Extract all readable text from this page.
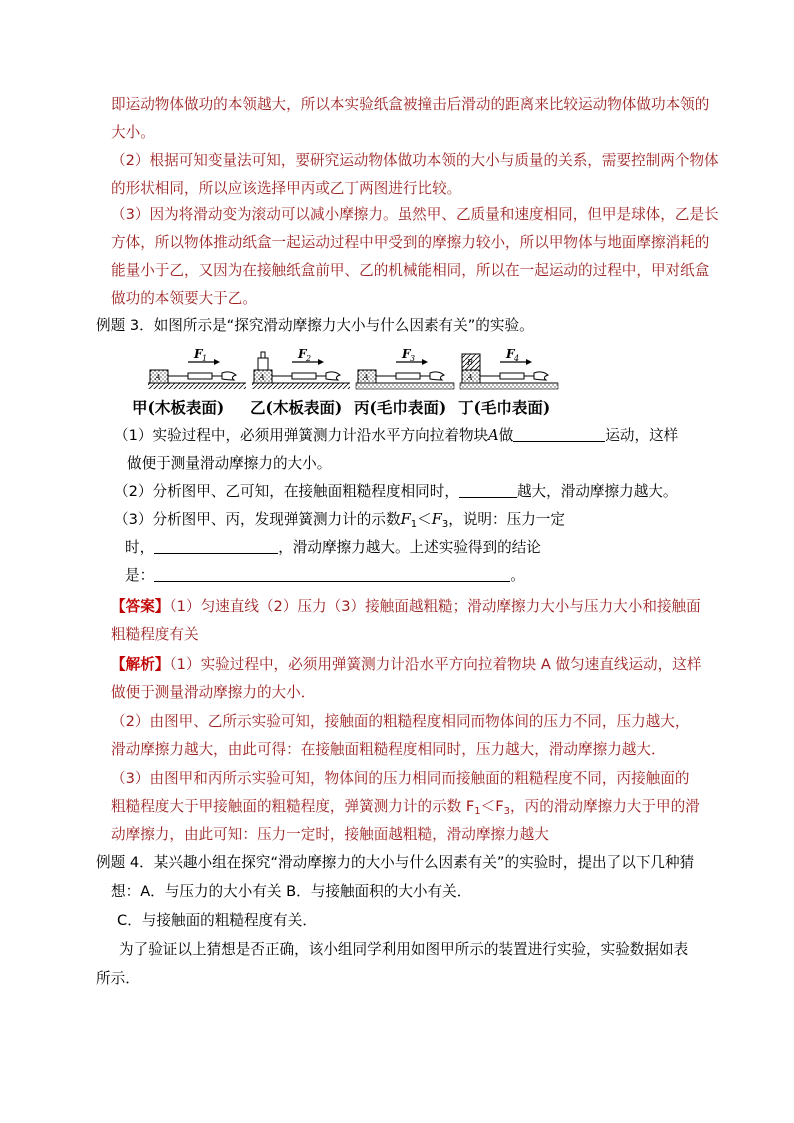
即运动物体做功的本领越大，所以本实验纸盒被撞击后滑动的距离来比较运动物体做功本领的
大小。
（2）根据可知变量法可知，要研究运动物体做功本领的大小与质量的关系，需要控制两个物体
的形状相同，所以应该选择甲丙或乙丁两图进行比较。
（3）因为将滑动变为滚动可以减小摩擦力。虽然甲、乙质量和速度相同，但甲是球体，乙是长
方体，所以物体推动纸盒一起运动过程中甲受到的摩擦力较小，所以甲物体与地面摩擦消耗的
能量小于乙，又因为在接触纸盒前甲、乙的机械能相同，所以在一起运动的过程中，甲对纸盒
做功的本领要大于乙。
例题 3．如图所示是“探究滑动摩擦力大小与什么因素有关”的实验。
A
F 1
A
F 2
A
F 3
A
B
F 4
甲(木板表面) 乙(木板表面) 丙(毛巾表面) 丁(毛巾表面)
（1）实验过程中，必须用弹簧测力计沿水平方向拉着物块A做	运动，这样
做便于测量滑动摩擦力的大小。
（2）分析图甲、乙可知，在接触面粗糙程度相同时，	越大，滑动摩擦力越大。
（3）分析图甲、丙，发现弹簧测力计的示数$F_1<F_3$，说明：压力一定
时，	，滑动摩擦力越大。上述实验得到的结论
是：	。
【答案】（1）匀速直线（2）压力（3）接触面越粗糙；滑动摩擦力大小与压力大小和接触面
粗糙程度有关
【解析】（1）实验过程中，必须用弹簧测力计沿水平方向拉着物块 A 做匀速直线运动，这样
做便于测量滑动摩擦力的大小．
（2）由图甲、乙所示实验可知，接触面的粗糙程度相同而物体间的压力不同，压力越大，
滑动摩擦力越大，由此可得：在接触面粗糙程度相同时，压力越大，滑动摩擦力越大．
（3）由图甲和丙所示实验可知，物体间的压力相同而接触面的粗糙程度不同，丙接触面的
粗糙程度大于甲接触面的粗糙程度，弹簧测力计的示数 $F_1<F_3$，丙的滑动摩擦力大于甲的滑
动摩擦力，由此可知：压力一定时，接触面越粗糙，滑动摩擦力越大
例题 4．某兴趣小组在探究“滑动摩擦力的大小与什么因素有关”的实验时，提出了以下几种猜
想：A．与压力的大小有关 B．与接触面积的大小有关．
C．与接触面的粗糙程度有关．
为了验证以上猜想是否正确，该小组同学利用如图甲所示的装置进行实验，实验数据如表
所示．
